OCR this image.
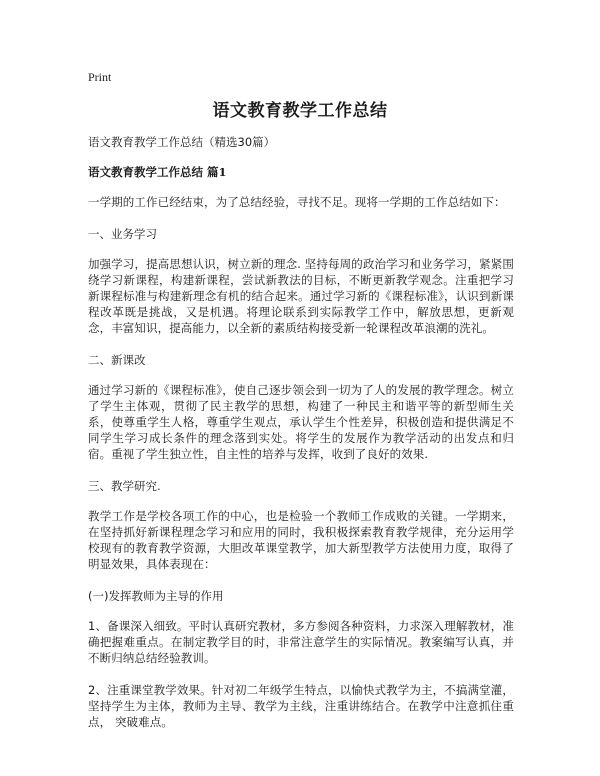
Print
语文教育教学工作总结

语文教育教学工作总结（精选30篇）

语文教育教学工作总结 篇1

一学期的工作已经结束，为了总结经验，寻找不足。现将一学期的工作总结如下：

一、业务学习

加强学习，提高思想认识，树立新的理念. 坚持每周的政治学习和业务学习，紧紧围绕学习新课程，构建新课程，尝试新教法的目标，不断更新教学观念。注重把学习新课程标准与构建新理念有机的结合起来。通过学习新的《课程标准》，认识到新课程改革既是挑战，又是机遇。将理论联系到实际教学工作中，解放思想，更新观念，丰富知识，提高能力，以全新的素质结构接受新一轮课程改革浪潮的洗礼。

二、新课改

通过学习新的《课程标准》，使自己逐步领会到一切为了人的发展的教学理念。树立了学生主体观，贯彻了民主教学的思想，构建了一种民主和谐平等的新型师生关系，使尊重学生人格，尊重学生观点，承认学生个性差异，积极创造和提供满足不同学生学习成长条件的理念落到实处。将学生的发展作为教学活动的出发点和归宿。重视了学生独立性，自主性的培养与发挥，收到了良好的效果.

三、教学研究.

教学工作是学校各项工作的中心，也是检验一个教师工作成败的关键。一学期来，在坚持抓好新课程理念学习和应用的同时，我积极探索教育教学规律，充分运用学校现有的教育教学资源，大胆改革课堂教学，加大新型教学方法使用力度，取得了明显效果，具体表现在：

(一)发挥教师为主导的作用

1、备课深入细致。平时认真研究教材，多方参阅各种资料，力求深入理解教材，准确把握难重点。在制定教学目的时，非常注意学生的实际情况。教案编写认真，并不断归纳总结经验教训。

2、注重课堂教学效果。针对初二年级学生特点，以愉快式教学为主，不搞满堂灌，坚持学生为主体，教师为主导、教学为主线，注重讲练结合。在教学中注意抓住重点， 突破难点。
